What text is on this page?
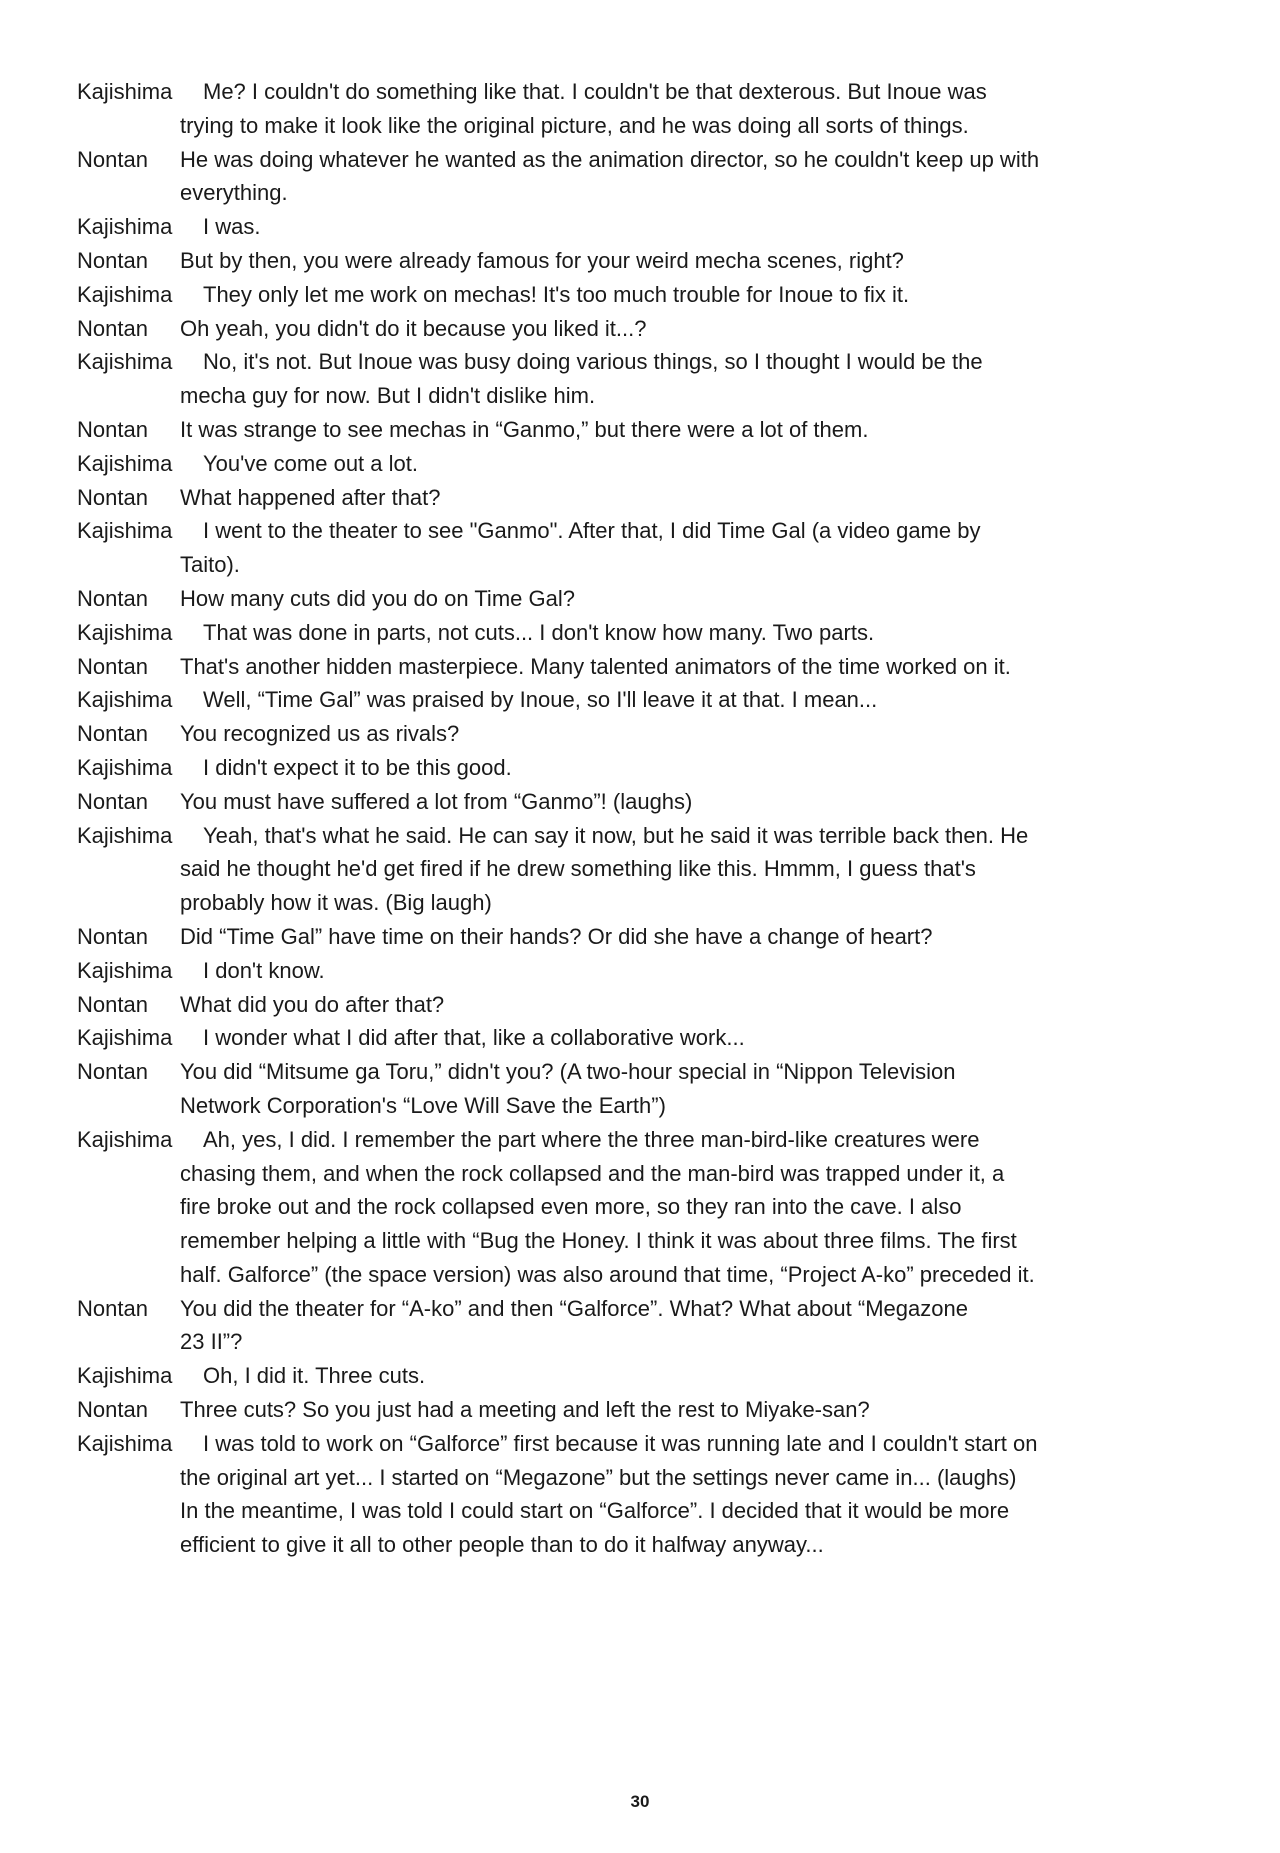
Kajishima	Me? I couldn't do something like that. I couldn't be that dexterous. But Inoue was
trying to make it look like the original picture, and he was doing all sorts of things.
Nontan	He was doing whatever he wanted as the animation director, so he couldn't keep up with
everything.
Kajishima	I was.
Nontan	But by then, you were already famous for your weird mecha scenes, right?
Kajishima	They only let me work on mechas! It's too much trouble for Inoue to fix it.
Nontan	Oh yeah, you didn't do it because you liked it...?
Kajishima	No, it's not. But Inoue was busy doing various things, so I thought I would be the
mecha guy for now. But I didn't dislike him.
Nontan	It was strange to see mechas in “Ganmo,” but there were a lot of them.
Kajishima	You've come out a lot.
Nontan	What happened after that?
Kajishima	I went to the theater to see "Ganmo". After that, I did Time Gal (a video game by
Taito).
Nontan	How many cuts did you do on Time Gal?
Kajishima	That was done in parts, not cuts... I don't know how many. Two parts.
Nontan	That's another hidden masterpiece. Many talented animators of the time worked on it.
Kajishima	Well, “Time Gal” was praised by Inoue, so I'll leave it at that. I mean...
Nontan	You recognized us as rivals?
Kajishima	I didn't expect it to be this good.
Nontan	You must have suffered a lot from “Ganmo”! (laughs)
Kajishima	Yeah, that's what he said. He can say it now, but he said it was terrible back then. He
said he thought he'd get fired if he drew something like this. Hmmm, I guess that's
probably how it was. (Big laugh)
Nontan	Did “Time Gal” have time on their hands? Or did she have a change of heart?
Kajishima	I don't know.
Nontan	What did you do after that?
Kajishima	I wonder what I did after that, like a collaborative work...
Nontan	You did “Mitsume ga Toru,” didn't you? (A two-hour special in “Nippon Television
Network Corporation's “Love Will Save the Earth”)
Kajishima	Ah, yes, I did. I remember the part where the three man-bird-like creatures were
chasing them, and when the rock collapsed and the man-bird was trapped under it, a
fire broke out and the rock collapsed even more, so they ran into the cave. I also
remember helping a little with “Bug the Honey. I think it was about three films. The first
half. Galforce” (the space version) was also around that time, “Project A-ko” preceded it.
Nontan	You did the theater for “A-ko” and then “Galforce”. What? What about “Megazone
23 II”?
Kajishima	Oh, I did it. Three cuts.
Nontan	Three cuts? So you just had a meeting and left the rest to Miyake-san?
Kajishima	I was told to work on “Galforce” first because it was running late and I couldn't start on
the original art yet... I started on “Megazone” but the settings never came in... (laughs)
In the meantime, I was told I could start on “Galforce”. I decided that it would be more
efficient to give it all to other people than to do it halfway anyway...
30
